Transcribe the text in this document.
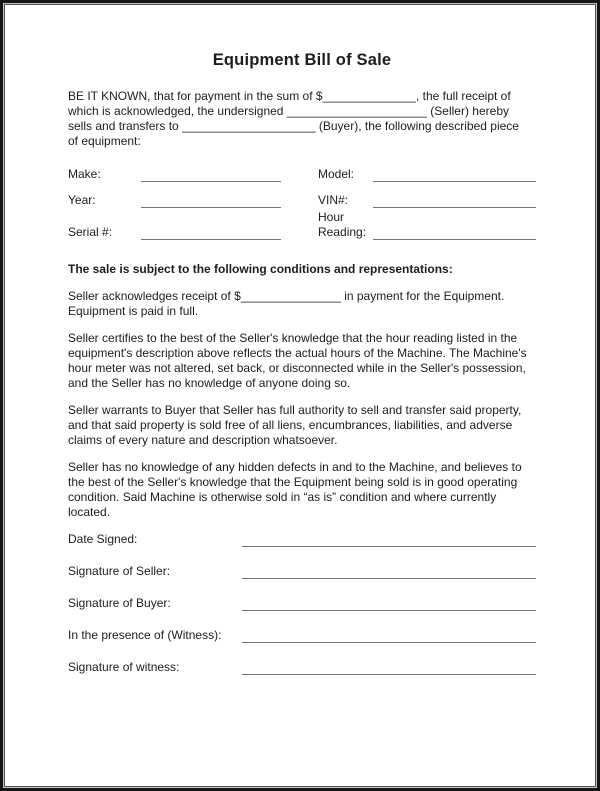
Equipment Bill of Sale
BE IT KNOWN, that for payment in the sum of $______________, the full receipt of
which is acknowledged, the undersigned _____________________ (Seller) hereby
sells and transfers to ____________________ (Buyer), the following described piece
of equipment:
Make:	Model:
Year:	VIN#:
Serial #:
Hour Reading:
The sale is subject to the following conditions and representations:
Seller acknowledges receipt of $_______________ in payment for the Equipment.
Equipment is paid in full.
Seller certifies to the best of the Seller's knowledge that the hour reading listed in the
equipment's description above reflects the actual hours of the Machine. The Machine's
hour meter was not altered, set back, or disconnected while in the Seller's possession,
and the Seller has no knowledge of anyone doing so.
Seller warrants to Buyer that Seller has full authority to sell and transfer said property,
and that said property is sold free of all liens, encumbrances, liabilities, and adverse
claims of every nature and description whatsoever.
Seller has no knowledge of any hidden defects in and to the Machine, and believes to
the best of the Seller's knowledge that the Equipment being sold is in good operating
condition. Said Machine is otherwise sold in “as is” condition and where currently
located.
Date Signed:
Signature of Seller:
Signature of Buyer:
In the presence of (Witness):
Signature of witness:
